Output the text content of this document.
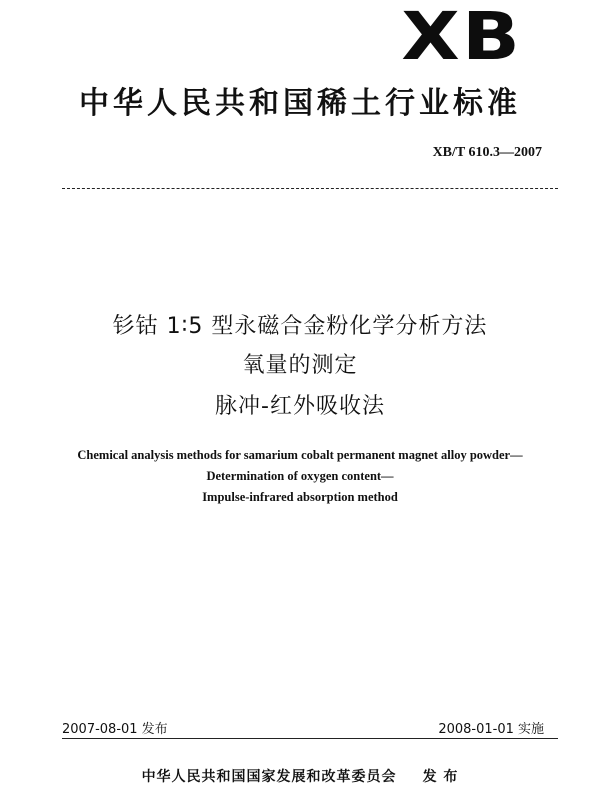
XB
中华人民共和国稀土行业标准
XB/T 610.3—2007
钐钴 1∶5 型永磁合金粉化学分析方法
氧量的测定
脉冲-红外吸收法
Chemical analysis methods for samarium cobalt permanent magnet alloy powder—
Determination of oxygen content—
Impulse-infrared absorption method
2007-08-01 发布	2008-01-01 实施
中华人民共和国国家发展和改革委员会 发 布
